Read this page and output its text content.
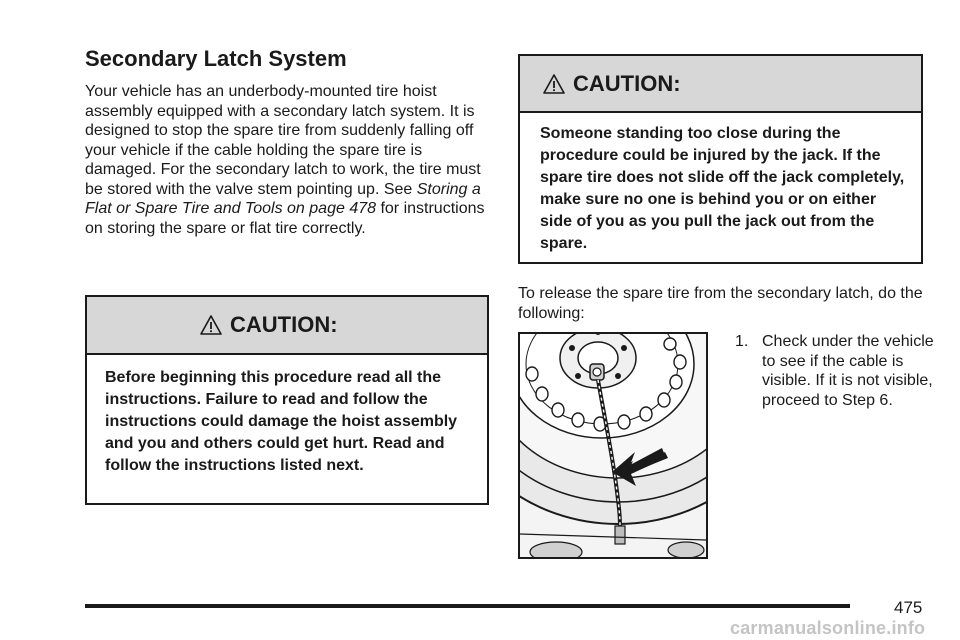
Secondary Latch System

Your vehicle has an underbody-mounted tire hoist assembly equipped with a secondary latch system. It is designed to stop the spare tire from suddenly falling off your vehicle if the cable holding the spare tire is damaged. For the secondary latch to work, the tire must be stored with the valve stem pointing up. See Storing a Flat or Spare Tire and Tools on page 478 for instructions on storing the spare or flat tire correctly.

CAUTION:

Before beginning this procedure read all the instructions. Failure to read and follow the instructions could damage the hoist assembly and you and others could get hurt. Read and follow the instructions listed next.

CAUTION:

Someone standing too close during the procedure could be injured by the jack. If the spare tire does not slide off the jack completely, make sure no one is behind you or on either side of you as you pull the jack out from the spare.

To release the spare tire from the secondary latch, do the following:

1. Check under the vehicle to see if the cable is visible. If it is not visible, proceed to Step 6.
475
carmanualsonline.info
